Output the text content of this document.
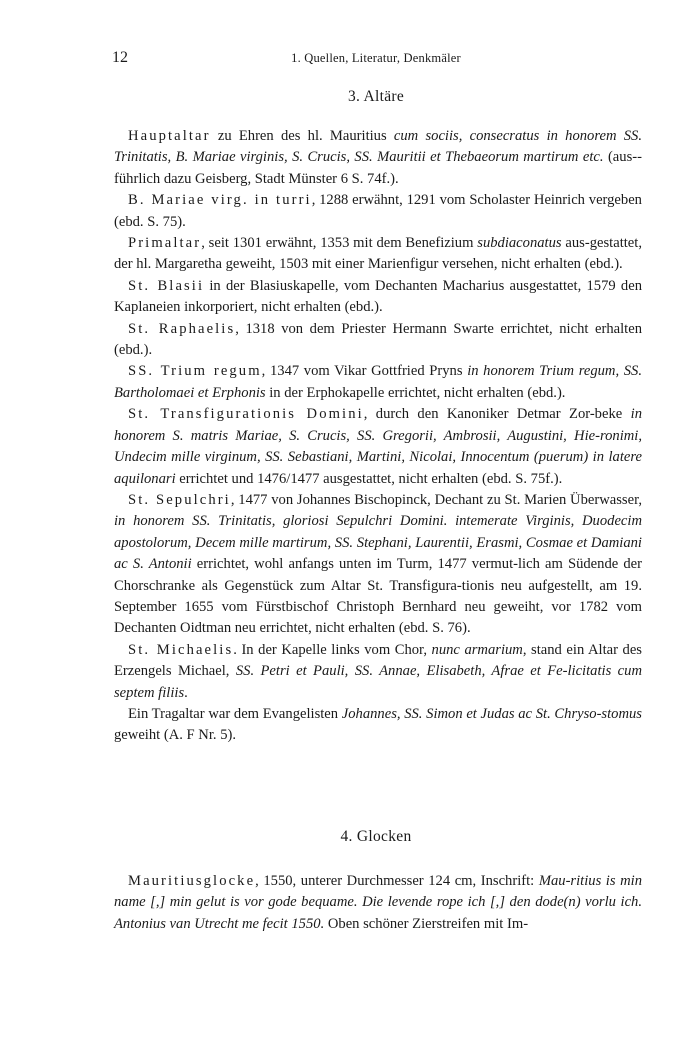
12	1. Quellen, Literatur, Denkmäler
3. Altäre

Hauptaltar zu Ehren des hl. Mauritius cum sociis, consecratus in honorem SS. Trinitatis, B. Mariae virginis, S. Crucis, SS. Mauritii et Thebaeorum martirum etc. (aus-führlich dazu Geisberg, Stadt Münster 6 S. 74f.).

B. Mariae virg. in turri, 1288 erwähnt, 1291 vom Scholaster Heinrich vergeben (ebd. S. 75).

Primaltar, seit 1301 erwähnt, 1353 mit dem Benefizium subdiaconatus aus-gestattet, der hl. Margaretha geweiht, 1503 mit einer Marienfigur versehen, nicht erhalten (ebd.).

St. Blasii in der Blasiuskapelle, vom Dechanten Macharius ausgestattet, 1579 den Kaplaneien inkorporiert, nicht erhalten (ebd.).

St. Raphaelis, 1318 von dem Priester Hermann Swarte errichtet, nicht erhalten (ebd.).

SS. Trium regum, 1347 vom Vikar Gottfried Pryns in honorem Trium regum, SS. Bartholomaei et Erphonis in der Erphokapelle errichtet, nicht erhalten (ebd.).

St. Transfigurationis Domini, durch den Kanoniker Detmar Zor-beke in honorem S. matris Mariae, S. Crucis, SS. Gregorii, Ambrosii, Augustini, Hie-ronimi, Undecim mille virginum, SS. Sebastiani, Martini, Nicolai, Innocentum (puerum) in latere aquilonari errichtet und 1476/1477 ausgestattet, nicht erhalten (ebd. S. 75f.).

St. Sepulchri, 1477 von Johannes Bischopinck, Dechant zu St. Marien Überwasser, in honorem SS. Trinitatis, gloriosi Sepulchri Domini. intemerate Virginis, Duodecim apostolorum, Decem mille martirum, SS. Stephani, Laurentii, Erasmi, Cosmae et Damiani ac S. Antonii errichtet, wohl anfangs unten im Turm, 1477 vermut-lich am Südende der Chorschranke als Gegenstück zum Altar St. Transfigura-tionis neu aufgestellt, am 19. September 1655 vom Fürstbischof Christoph Bernhard neu geweiht, vor 1782 vom Dechanten Oidtman neu errichtet, nicht erhalten (ebd. S. 76).

St. Michaelis. In der Kapelle links vom Chor, nunc armarium, stand ein Altar des Erzengels Michael, SS. Petri et Pauli, SS. Annae, Elisabeth, Afrae et Fe-licitatis cum septem filiis.

Ein Tragaltar war dem Evangelisten Johannes, SS. Simon et Judas ac St. Chryso-stomus geweiht (A. F Nr. 5).

4. Glocken

Mauritiusglocke, 1550, unterer Durchmesser 124 cm, Inschrift: Mau-ritius is min name [,] min gelut is vor gode bequame. Die levende rope ich [,] den dode(n) vorlu ich. Antonius van Utrecht me fecit 1550. Oben schöner Zierstreifen mit Im-
